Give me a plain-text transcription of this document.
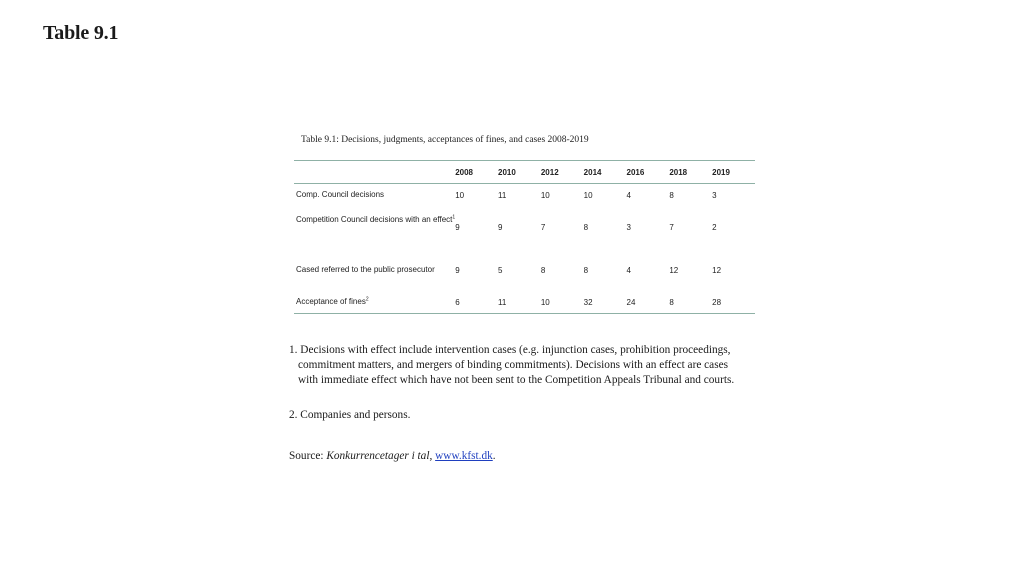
Table 9.1
Table 9.1: Decisions, judgments, acceptances of fines, and cases 2008-2019
	2008	2010	2012	2014	2016	2018	2019
Comp. Council decisions	10	11	10	10	4	8	3
Competition Council decisions with an effect$^1$	9	9	7	8	3	7	2
Cased referred to the public prosecutor	9	5	8	8	4	12	12
Acceptance of fines$^2$	6	11	10	32	24	8	28
1. Decisions with effect include intervention cases (e.g. injunction cases, prohibition proceedings,
commitment matters, and mergers of binding commitments). Decisions with an effect are cases
with immediate effect which have not been sent to the Competition Appeals Tribunal and courts.
2. Companies and persons.
Source: Konkurrencetager i tal, www.kfst.dk.
